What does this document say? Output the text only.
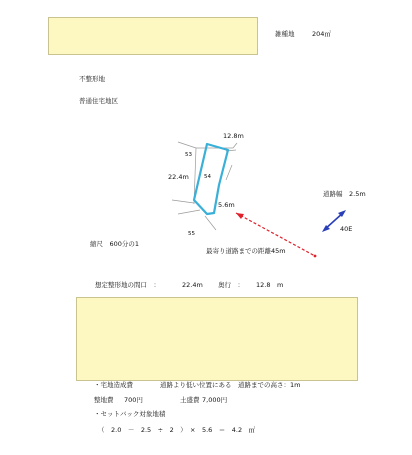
雑種地	204㎡
不整形地
普通住宅地区
12.8m
22.4m
5.6m
53
54
55
道路幅　2.5m
40E
最寄り道路までの距離45m
縮尺　600分の1
想定整形地の間口　：	22.4m 奥行　： 12.8　m
・宅地造成費	道路より低い位置にある　道路までの高さ：1m
整地費 700円	土盛費 7,000円
・セットバック対象地積
（　2.0　－　2.5　÷　2　）　×　5.6　＝　4.2　㎡
